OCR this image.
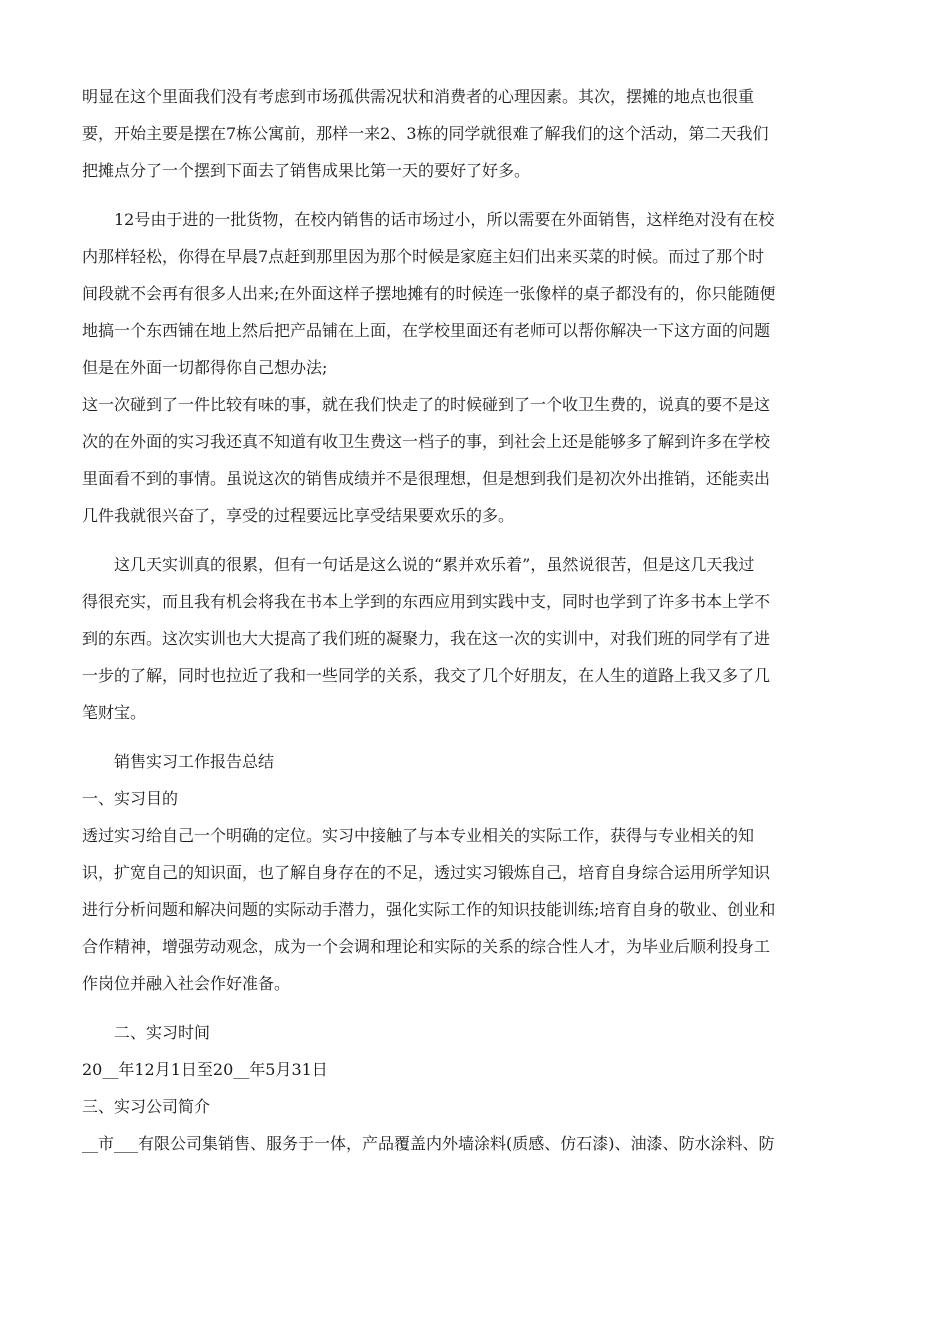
明显在这个里面我们没有考虑到市场孤供需况状和消费者的心理因素。其次，摆摊的地点也很重
要，开始主要是摆在7栋公寓前，那样一来2、3栋的同学就很难了解我们的这个活动，第二天我们
把摊点分了一个摆到下面去了销售成果比第一天的要好了好多。
12号由于进的一批货物，在校内销售的话市场过小，所以需要在外面销售，这样绝对没有在校
内那样轻松，你得在早晨7点赶到那里因为那个时候是家庭主妇们出来买菜的时候。而过了那个时
间段就不会再有很多人出来;在外面这样子摆地摊有的时候连一张像样的桌子都没有的，你只能随便
地搞一个东西铺在地上然后把产品铺在上面，在学校里面还有老师可以帮你解决一下这方面的问题
但是在外面一切都得你自己想办法;
这一次碰到了一件比较有味的事，就在我们快走了的时候碰到了一个收卫生费的，说真的要不是这
次的在外面的实习我还真不知道有收卫生费这一档子的事，到社会上还是能够多了解到许多在学校
里面看不到的事情。虽说这次的销售成绩并不是很理想，但是想到我们是初次外出推销，还能卖出
几件我就很兴奋了，享受的过程要远比享受结果要欢乐的多。
这几天实训真的很累，但有一句话是这么说的“累并欢乐着”，虽然说很苦，但是这几天我过
得很充实，而且我有机会将我在书本上学到的东西应用到实践中支，同时也学到了许多书本上学不
到的东西。这次实训也大大提高了我们班的凝聚力，我在这一次的实训中，对我们班的同学有了进
一步的了解，同时也拉近了我和一些同学的关系，我交了几个好朋友，在人生的道路上我又多了几
笔财宝。
销售实习工作报告总结
一、实习目的
透过实习给自己一个明确的定位。实习中接触了与本专业相关的实际工作，获得与专业相关的知
识，扩宽自己的知识面，也了解自身存在的不足，透过实习锻炼自己，培育自身综合运用所学知识
进行分析问题和解决问题的实际动手潜力，强化实际工作的知识技能训练;培育自身的敬业、创业和
合作精神，增强劳动观念，成为一个会调和理论和实际的关系的综合性人才，为毕业后顺利投身工
作岗位并融入社会作好准备。
二、实习时间
20__年12月1日至20__年5月31日
三、实习公司简介
__市___有限公司集销售、服务于一体，产品覆盖内外墙涂料(质感、仿石漆)、油漆、防水涂料、防
